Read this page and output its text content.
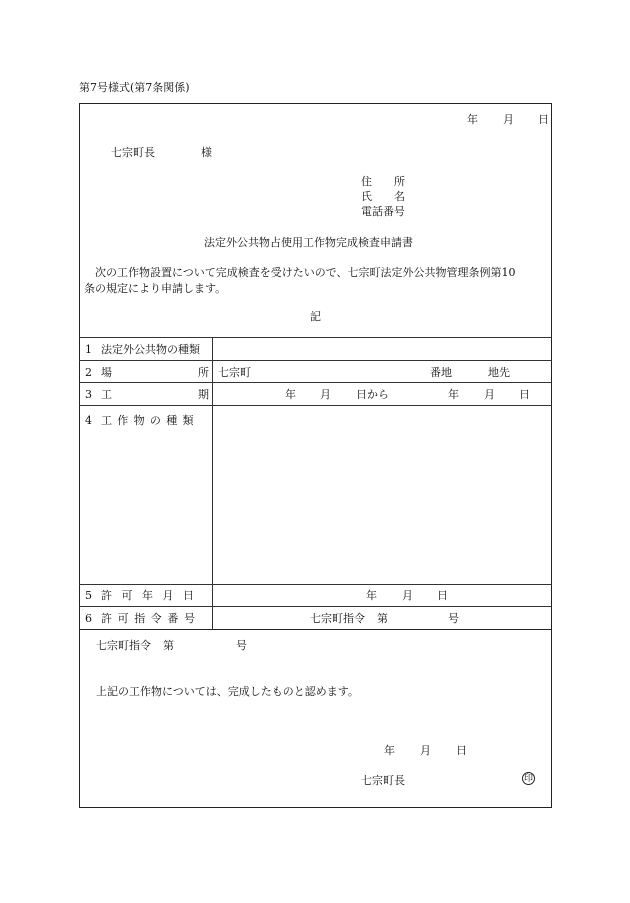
第7号様式(第7条関係)
年 月 日
七宗町長	様
住　　所
氏　　名
電話番号
法定外公共物占使用工作物完成検査申請書
次の工作物設置について完成検査を受けたいので、七宗町法定外公共物管理条例第10
条の規定により申請します。
記
1 法定外公共物の種類
2 場	所 七宗町	番地	地先
3 工	期	年 月 日から	年 月 日
4 工作物の種類
5 許可年月日	年 月 日
6 許可指令番号	七宗町指令 第	号
七宗町指令 第	号
上記の工作物については、完成したものと認めます。
年 月 日
七宗町長	印
